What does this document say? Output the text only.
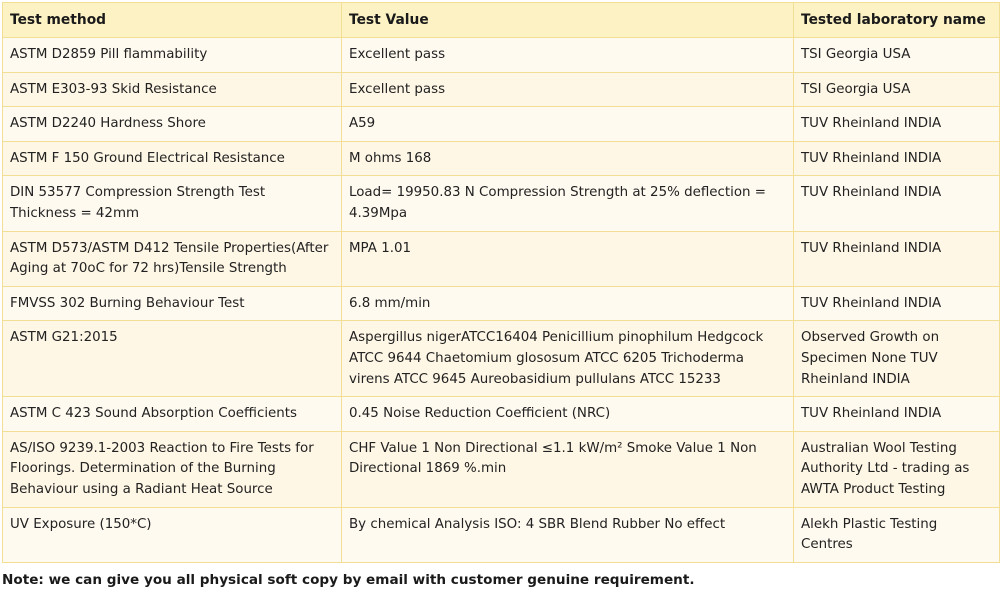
Test method	Test Value	Tested laboratory name
ASTM D2859 Pill flammability	Excellent pass	TSI Georgia USA
ASTM E303-93 Skid Resistance	Excellent pass	TSI Georgia USA
ASTM D2240 Hardness Shore	A59	TUV Rheinland INDIA
ASTM F 150 Ground Electrical Resistance	M ohms 168	TUV Rheinland INDIA
DIN 53577 Compression Strength Test Thickness = 42mm	Load= 19950.83 N Compression Strength at 25% deflection = 4.39Mpa	TUV Rheinland INDIA
ASTM D573/ASTM D412 Tensile Properties(After Aging at 70oC for 72 hrs)Tensile Strength	MPA 1.01	TUV Rheinland INDIA
FMVSS 302 Burning Behaviour Test	6.8 mm/min	TUV Rheinland INDIA
ASTM G21:2015	Aspergillus nigerATCC16404 Penicillium pinophilum Hedgcock ATCC 9644 Chaetomium glososum ATCC 6205 Trichoderma virens ATCC 9645 Aureobasidium pullulans ATCC 15233	Observed Growth on Specimen None TUV Rheinland INDIA
ASTM C 423 Sound Absorption Coefficients	0.45 Noise Reduction Coefficient (NRC)	TUV Rheinland INDIA
AS/ISO 9239.1-2003 Reaction to Fire Tests for Floorings. Determination of the Burning Behaviour using a Radiant Heat Source	CHF Value 1 Non Directional ≤1.1 kW/m² Smoke Value 1 Non Directional 1869 %.min	Australian Wool Testing Authority Ltd - trading as AWTA Product Testing
UV Exposure (150*C)	By chemical Analysis ISO: 4 SBR Blend Rubber No effect	Alekh Plastic Testing Centres
Note: we can give you all physical soft copy by email with customer genuine requirement.
